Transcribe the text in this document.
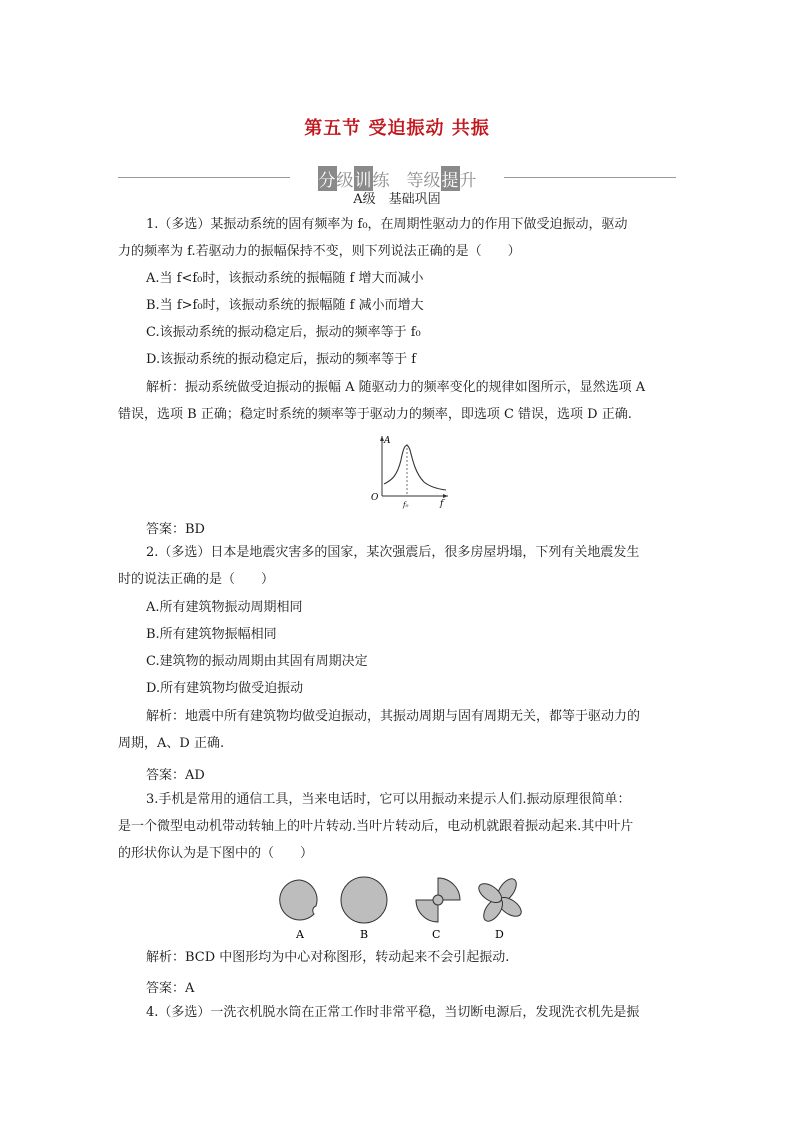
第五节 受迫振动 共振
分级训练　 等级提升
A级　基础巩固
1.（多选）某振动系统的固有频率为 f₀，在周期性驱动力的作用下做受迫振动，驱动
力的频率为 f.若驱动力的振幅保持不变，则下列说法正确的是（　　）
A.当 f<f₀时，该振动系统的振幅随 f 增大而减小
B.当 f>f₀时，该振动系统的振幅随 f 减小而增大
C.该振动系统的振动稳定后，振动的频率等于 f₀
D.该振动系统的振动稳定后，振动的频率等于 f
解析：振动系统做受迫振动的振幅 A 随驱动力的频率变化的规律如图所示，显然选项 A
错误，选项 B 正确；稳定时系统的频率等于驱动力的频率，即选项 C 错误，选项 D 正确.
A
O
f
f₀
答案：BD
2.（多选）日本是地震灾害多的国家，某次强震后，很多房屋坍塌，下列有关地震发生
时的说法正确的是（　　）
A.所有建筑物振动周期相同
B.所有建筑物振幅相同
C.建筑物的振动周期由其固有周期决定
D.所有建筑物均做受迫振动
解析：地震中所有建筑物均做受迫振动，其振动周期与固有周期无关，都等于驱动力的
周期，A、D 正确.
答案：AD
3.手机是常用的通信工具，当来电话时，它可以用振动来提示人们.振动原理很简单：
是一个微型电动机带动转轴上的叶片转动.当叶片转动后，电动机就跟着振动起来.其中叶片
的形状你认为是下图中的（　　）
A	B	C	D
解析：BCD 中图形均为中心对称图形，转动起来不会引起振动.
答案：A
4.（多选）一洗衣机脱水筒在正常工作时非常平稳，当切断电源后，发现洗衣机先是振
